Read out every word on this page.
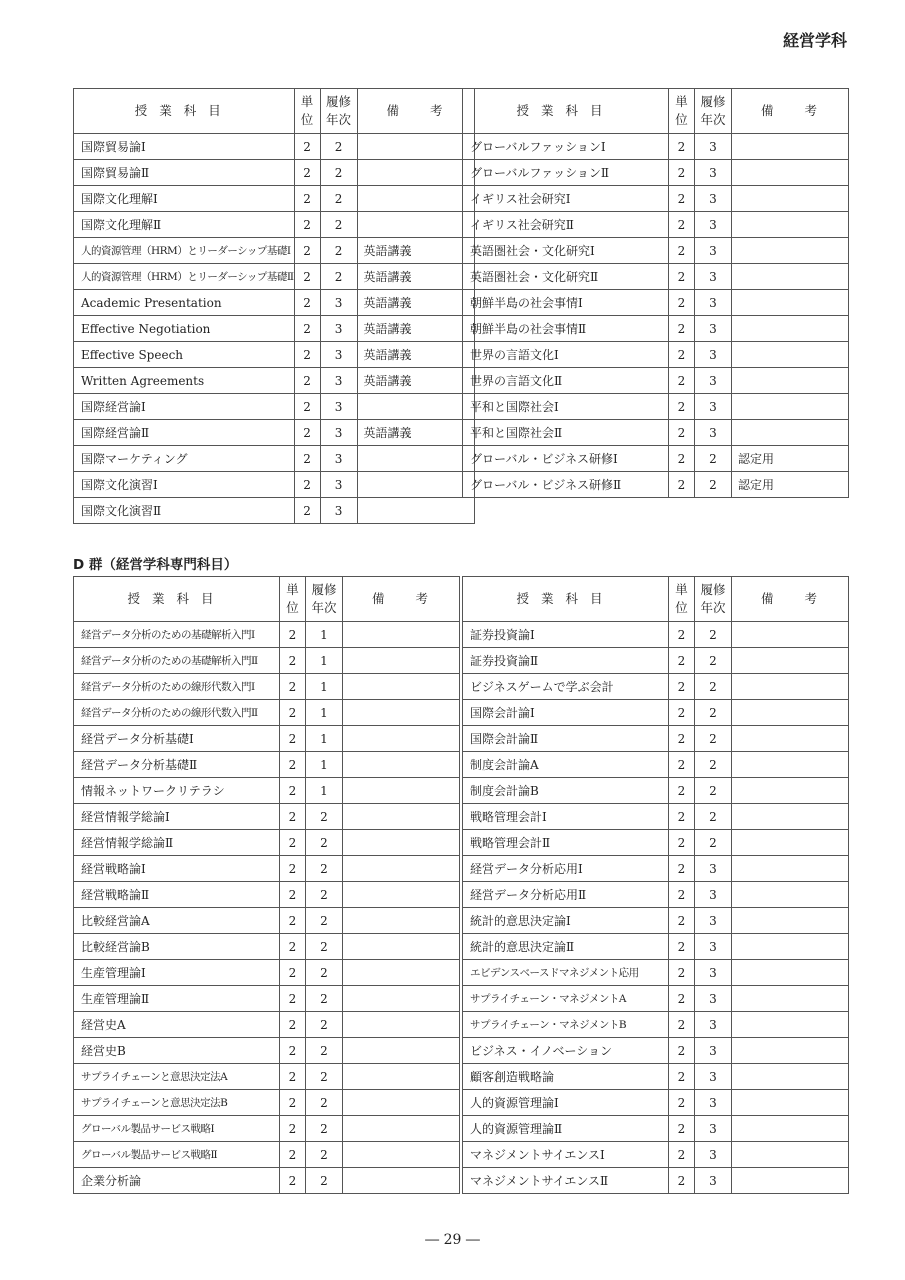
経営学科
授業科目	単位	履修年次	備　　考
国際貿易論Ⅰ	2	2	
国際貿易論Ⅱ	2	2	
国際文化理解Ⅰ	2	2	
国際文化理解Ⅱ	2	2	
人的資源管理（HRM）とリーダーシップ基礎Ⅰ	2	2	英語講義
人的資源管理（HRM）とリーダーシップ基礎Ⅱ	2	2	英語講義
Academic Presentation	2	3	英語講義
Effective Negotiation	2	3	英語講義
Effective Speech	2	3	英語講義
Written Agreements	2	3	英語講義
国際経営論Ⅰ	2	3	
国際経営論Ⅱ	2	3	英語講義
国際マーケティング	2	3	
国際文化演習Ⅰ	2	3	
国際文化演習Ⅱ	2	3	
授業科目	単位	履修年次	備　　考
グローバルファッションⅠ	2	3	
グローバルファッションⅡ	2	3	
イギリス社会研究Ⅰ	2	3	
イギリス社会研究Ⅱ	2	3	
英語圏社会・文化研究Ⅰ	2	3	
英語圏社会・文化研究Ⅱ	2	3	
朝鮮半島の社会事情Ⅰ	2	3	
朝鮮半島の社会事情Ⅱ	2	3	
世界の言語文化Ⅰ	2	3	
世界の言語文化Ⅱ	2	3	
平和と国際社会Ⅰ	2	3	
平和と国際社会Ⅱ	2	3	
グローバル・ビジネス研修Ⅰ	2	2	認定用
グローバル・ビジネス研修Ⅱ	2	2	認定用
D 群（経営学科専門科目）
授業科目	単位	履修年次	備　　考
経営データ分析のための基礎解析入門Ⅰ	2	1	
経営データ分析のための基礎解析入門Ⅱ	2	1	
経営データ分析のための線形代数入門Ⅰ	2	1	
経営データ分析のための線形代数入門Ⅱ	2	1	
経営データ分析基礎Ⅰ	2	1	
経営データ分析基礎Ⅱ	2	1	
情報ネットワークリテラシ	2	1	
経営情報学総論Ⅰ	2	2	
経営情報学総論Ⅱ	2	2	
経営戦略論Ⅰ	2	2	
経営戦略論Ⅱ	2	2	
比較経営論A	2	2	
比較経営論B	2	2	
生産管理論Ⅰ	2	2	
生産管理論Ⅱ	2	2	
経営史A	2	2	
経営史B	2	2	
サプライチェーンと意思決定法A	2	2	
サプライチェーンと意思決定法B	2	2	
グローバル製品サービス戦略Ⅰ	2	2	
グローバル製品サービス戦略Ⅱ	2	2	
企業分析論	2	2	
授業科目	単位	履修年次	備　　考
証券投資論Ⅰ	2	2	
証券投資論Ⅱ	2	2	
ビジネスゲームで学ぶ会計	2	2	
国際会計論Ⅰ	2	2	
国際会計論Ⅱ	2	2	
制度会計論A	2	2	
制度会計論B	2	2	
戦略管理会計Ⅰ	2	2	
戦略管理会計Ⅱ	2	2	
経営データ分析応用Ⅰ	2	3	
経営データ分析応用Ⅱ	2	3	
統計的意思決定論Ⅰ	2	3	
統計的意思決定論Ⅱ	2	3	
エビデンスベースドマネジメント応用	2	3	
サプライチェーン・マネジメントA	2	3	
サプライチェーン・マネジメントB	2	3	
ビジネス・イノベーション	2	3	
顧客創造戦略論	2	3	
人的資源管理論Ⅰ	2	3	
人的資源管理論Ⅱ	2	3	
マネジメントサイエンスⅠ	2	3	
マネジメントサイエンスⅡ	2	3	
― 29 ―
